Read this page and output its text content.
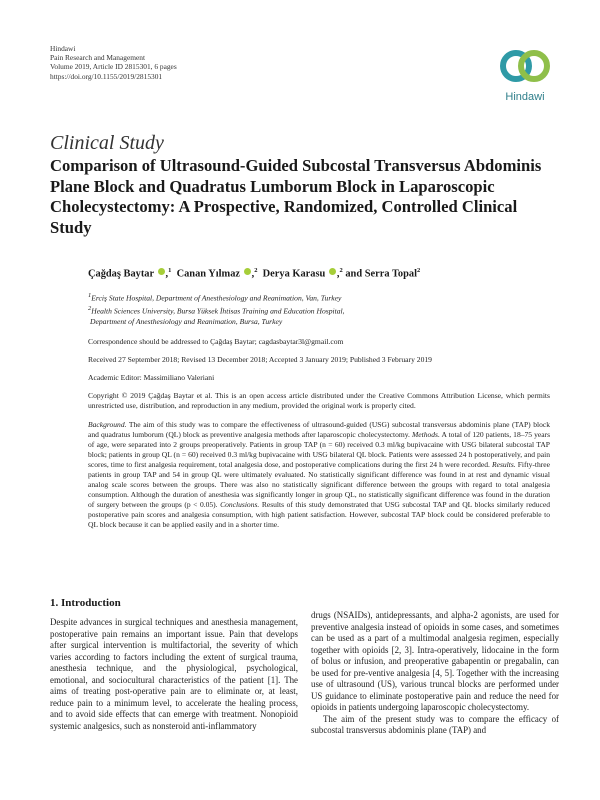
Hindawi
Pain Research and Management
Volume 2019, Article ID 2815301, 6 pages
https://doi.org/10.1155/2019/2815301
Hindawi
Clinical Study
Comparison of Ultrasound-Guided Subcostal Transversus Abdominis Plane Block and Quadratus Lumborum Block in Laparoscopic Cholecystectomy: A Prospective, Randomized, Controlled Clinical Study
Çağdaş Baytar ,$^1$ Canan Yılmaz ,$^2$ Derya Karasu ,$^2$ and Serra Topal$^2$
$^1$Erciş State Hospital, Department of Anesthesiology and Reanimation, Van, Turkey
$^2$Health Sciences University, Bursa Yüksek İhtisas Training and Education Hospital,
Department of Anesthesiology and Reanimation, Bursa, Turkey
Correspondence should be addressed to Çağdaş Baytar; cagdasbaytar3l@gmail.com
Received 27 September 2018; Revised 13 December 2018; Accepted 3 January 2019; Published 3 February 2019
Academic Editor: Massimiliano Valeriani
Copyright © 2019 Çağdaş Baytar et al. This is an open access article distributed under the Creative Commons Attribution License, which permits unrestricted use, distribution, and reproduction in any medium, provided the original work is properly cited.
Background. The aim of this study was to compare the effectiveness of ultrasound-guided (USG) subcostal transversus abdominis plane (TAP) block and quadratus lumborum (QL) block as preventive analgesia methods after laparoscopic cholecystectomy. Methods. A total of 120 patients, 18–75 years of age, were separated into 2 groups preoperatively. Patients in group TAP (n = 60) received 0.3 ml/kg bupivacaine with USG bilateral subcostal TAP block; patients in group QL (n = 60) received 0.3 ml/kg bupivacaine with USG bilateral QL block. Patients were assessed 24 h postoperatively, and pain scores, time to first analgesia requirement, total analgesia dose, and postoperative complications during the first 24 h were recorded. Results. Fifty-three patients in group TAP and 54 in group QL were ultimately evaluated. No statistically significant difference was found in at rest and dynamic visual analog scale scores between the groups. There was also no statistically significant difference between the groups with regard to total analgesia consumption. Although the duration of anesthesia was significantly longer in group QL, no statistically significant difference was found in the duration of surgery between the groups (p < 0.05). Conclusions. Results of this study demonstrated that USG subcostal TAP and QL blocks similarly reduced postoperative pain scores and analgesia consumption, with high patient satisfaction. However, subcostal TAP block could be considered preferable to QL block because it can be applied easily and in a shorter time.
1. Introduction

Despite advances in surgical techniques and anesthesia management, postoperative pain remains an important issue. Pain that develops after surgical intervention is multifactorial, the severity of which varies according to factors including the extent of surgical trauma, anesthesia technique, and the physiological, psychological, emotional, and sociocultural characteristics of the patient [1]. The aims of treating post-operative pain are to eliminate or, at least, reduce pain to a minimum level, to accelerate the healing process, and to avoid side effects that can emerge with treatment. Nonopioid systemic analgesics, such as nonsteroid anti-inflammatory

drugs (NSAIDs), antidepressants, and alpha-2 agonists, are used for preventive analgesia instead of opioids in some cases, and sometimes can be used as a part of a multimodal analgesia regimen, especially together with opioids [2, 3]. Intra-operatively, lidocaine in the form of bolus or infusion, and preoperative gabapentin or pregabalin, can be used for pre-ventive analgesia [4, 5]. Together with the increasing use of ultrasound (US), various truncal blocks are performed under US guidance to eliminate postoperative pain and reduce the need for opioids in patients undergoing laparoscopic cholecystectomy.

The aim of the present study was to compare the efficacy of subcostal transversus abdominis plane (TAP) and
